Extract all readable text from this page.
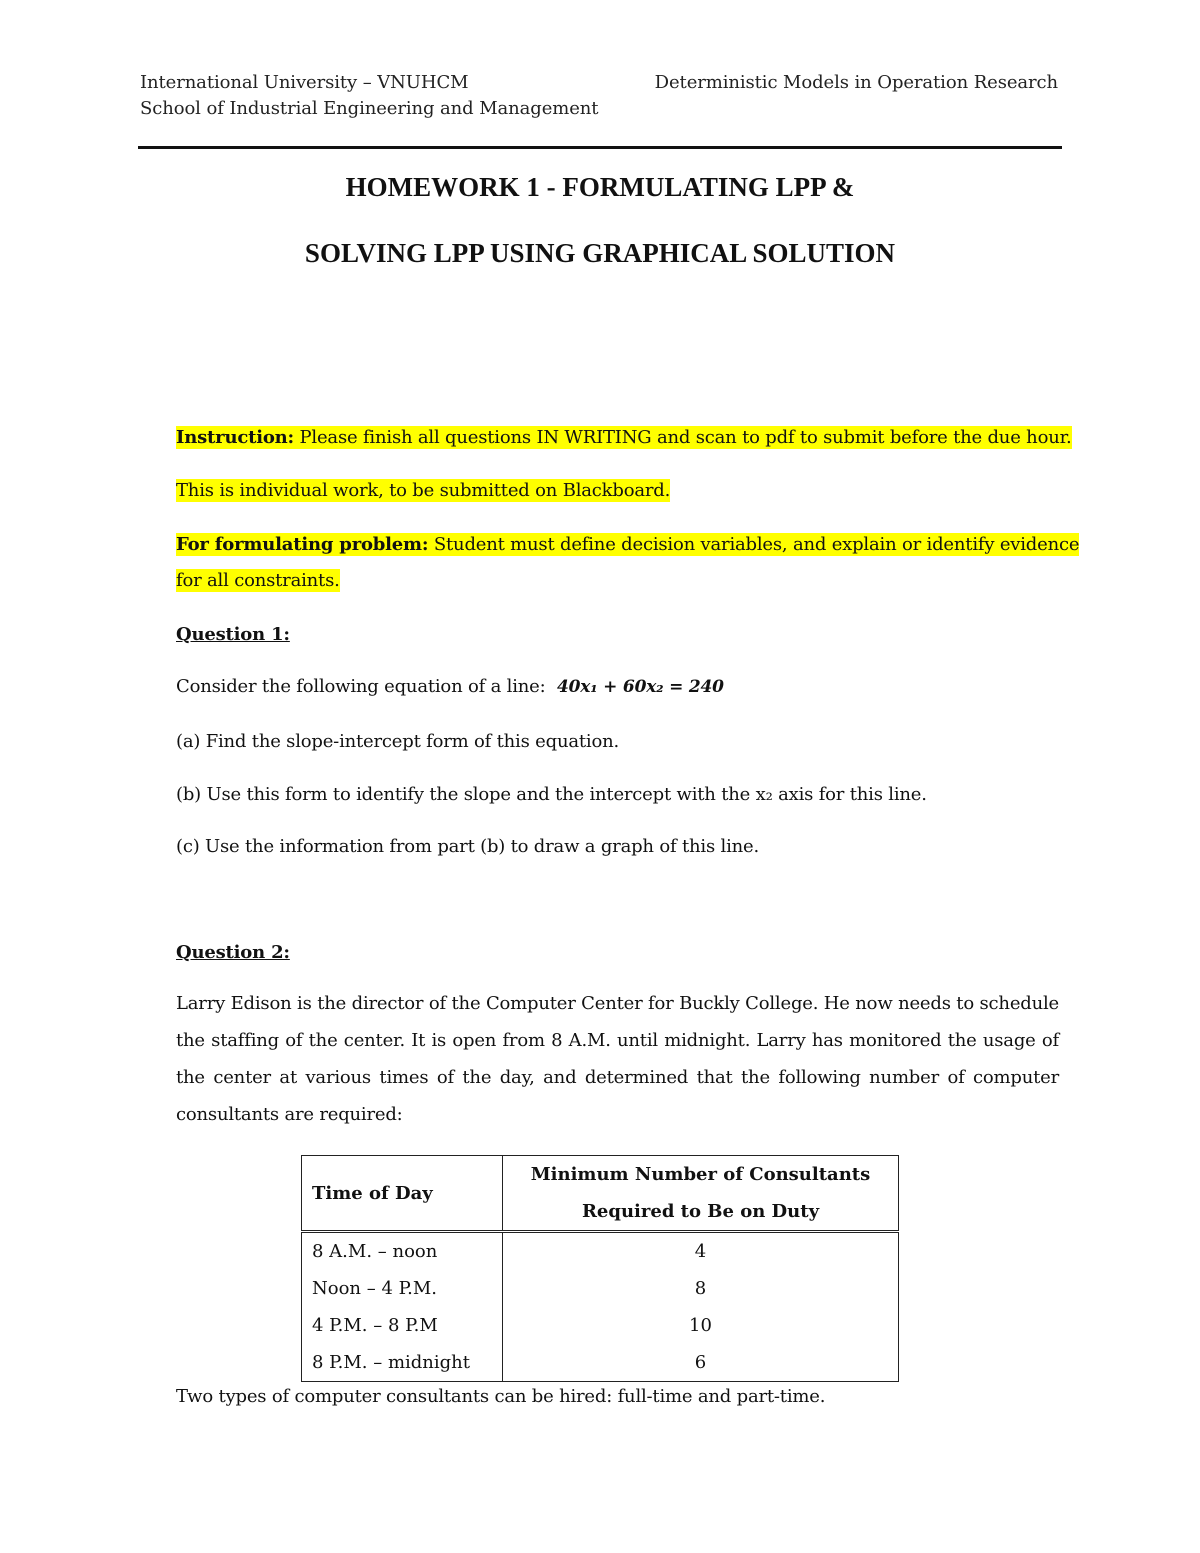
International University – VNUHCM
School of Industrial Engineering and Management
Deterministic Models in Operation Research
HOMEWORK 1 - FORMULATING LPP &
SOLVING LPP USING GRAPHICAL SOLUTION
Instruction: Please finish all questions IN WRITING and scan to pdf to submit before the due hour.
This is individual work, to be submitted on Blackboard.
For formulating problem: Student must define decision variables, and explain or identify evidence
for all constraints.
Question 1:
Consider the following equation of a line: 40x₁ + 60x₂ = 240
(a) Find the slope-intercept form of this equation.
(b) Use this form to identify the slope and the intercept with the x₂ axis for this line.
(c) Use the information from part (b) to draw a graph of this line.
Question 2:
Larry Edison is the director of the Computer Center for Buckly College. He now needs to schedule the staffing of the center. It is open from 8 A.M. until midnight. Larry has monitored the usage of the center at various times of the day, and determined that the following number of computer consultants are required:
Time of Day	Minimum Number of Consultants
Required to Be on Duty

8 A.M. – noon	4
Noon – 4 P.M.	8
4 P.M. – 8 P.M	10
8 P.M. – midnight	6
Two types of computer consultants can be hired: full-time and part-time.
